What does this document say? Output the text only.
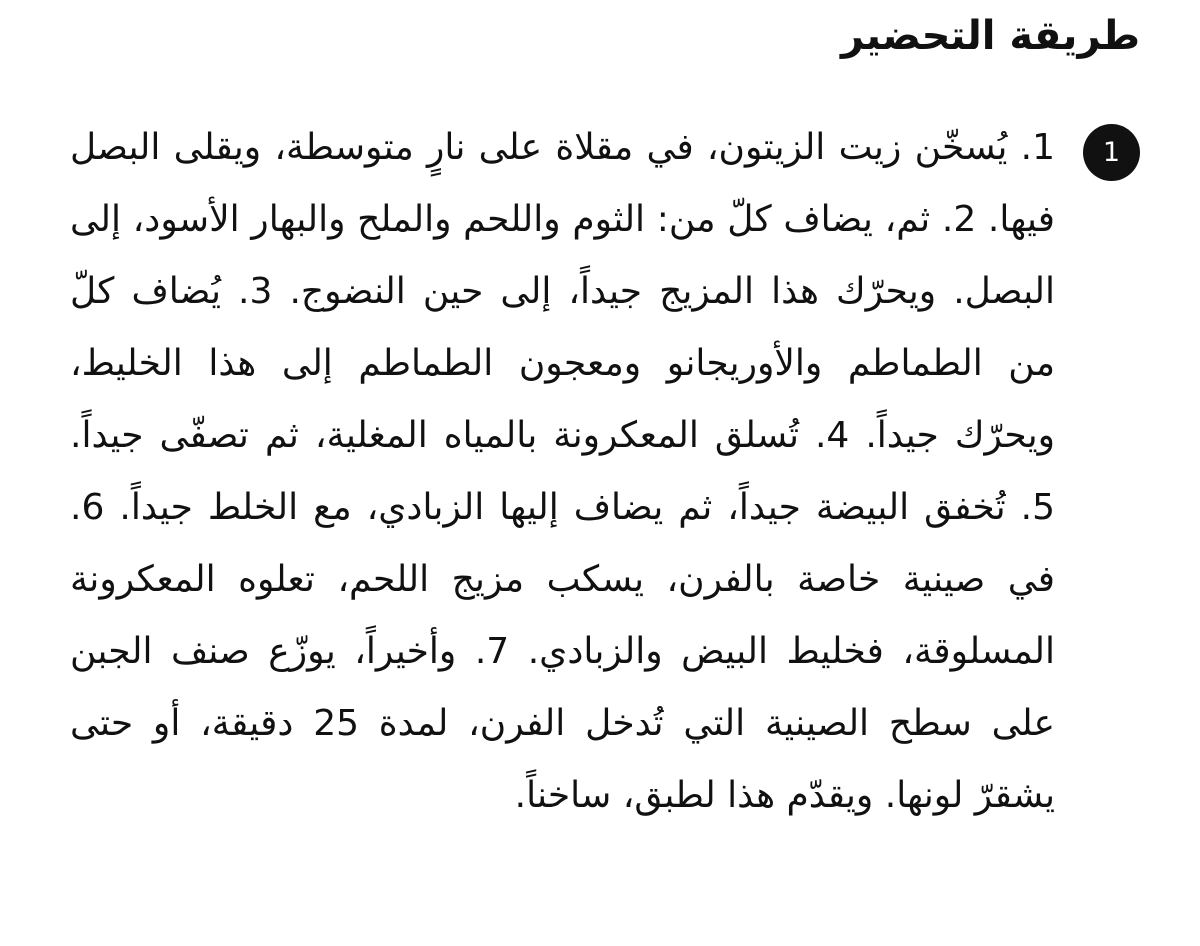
طريقة التحضير
1

1. يُسخّن زيت الزيتون، في مقلاة على نارٍ متوسطة، ويقلى البصل فيها. 2. ثم، يضاف كلّ من: الثوم واللحم والملح والبهار الأسود، إلى البصل. ويحرّك هذا المزيج جيداً، إلى حين النضوج. 3. يُضاف كلّ من الطماطم والأوريجانو ومعجون الطماطم إلى هذا الخليط، ويحرّك جيداً. 4. تُسلق المعكرونة بالمياه المغلية، ثم تصفّى جيداً. 5. تُخفق البيضة جيداً، ثم يضاف إليها الزبادي، مع الخلط جيداً. 6. في صينية خاصة بالفرن، يسكب مزيج اللحم، تعلوه المعكرونة المسلوقة، فخليط البيض والزبادي. 7. وأخيراً، يوزّع صنف الجبن على سطح الصينية التي تُدخل الفرن، لمدة 25 دقيقة، أو حتى يشقرّ لونها. ويقدّم هذا لطبق، ساخناً.
